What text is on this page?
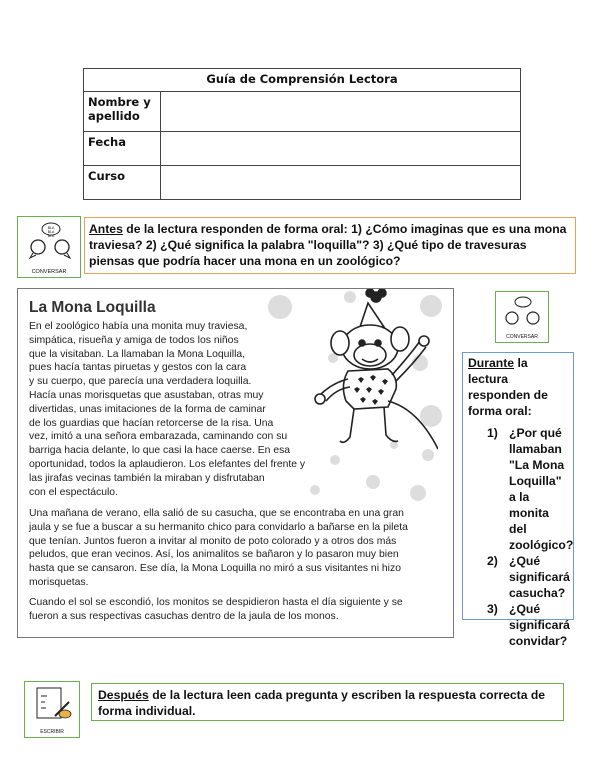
Guía de Comprensión Lectora	
Nombre y apellido	
Fecha	
Curso	
BLA BLA BLA
CONVERSAR
Antes de la lectura responden de forma oral: 1) ¿Cómo imaginas que es una mona traviesa? 2) ¿Qué significa la palabra "loquilla"? 3) ¿Qué tipo de travesuras piensas que podría hacer una mona en un zoológico?
La Mona Loquilla
En el zoológico había una monita muy traviesa,
simpática, risueña y amiga de todos los niños
que la visitaban. La llamaban la Mona Loquilla,
pues hacía tantas piruetas y gestos con la cara
y su cuerpo, que parecía una verdadera loquilla.
Hacía unas morisquetas que asustaban, otras muy
divertidas, unas imitaciones de la forma de caminar
de los guardias que hacían retorcerse de la risa. Una
vez, imitó a una señora embarazada, caminando con su
barriga hacia delante, lo que casi la hace caerse. En esa
oportunidad, todos la aplaudieron. Los elefantes del frente y
las jirafas vecinas también la miraban y disfrutaban
con el espectáculo.
Una mañana de verano, ella salió de su casucha, que se encontraba en una gran
jaula y se fue a buscar a su hermanito chico para convidarlo a bañarse en la pileta
que tenían. Juntos fueron a invitar al monito de poto colorado y a otros dos más
peludos, que eran vecinos. Así, los animalitos se bañaron y lo pasaron muy bien
hasta que se cansaron. Ese día, la Mona Loquilla no miró a sus visitantes ni hizo
morisquetas.
Cuando el sol se escondió, los monitos se despidieron hasta el día siguiente y se
fueron a sus respectivas casuchas dentro de la jaula de los monos.
CONVERSAR
Durante la lectura responden de forma oral:
1) ¿Por qué llamaban "La Mona Loquilla" a la monita del zoológico?
2) ¿Qué significará casucha?
3) ¿Qué significará convidar?
ESCRIBIR
Después de la lectura leen cada pregunta y escriben la respuesta correcta de forma individual.
